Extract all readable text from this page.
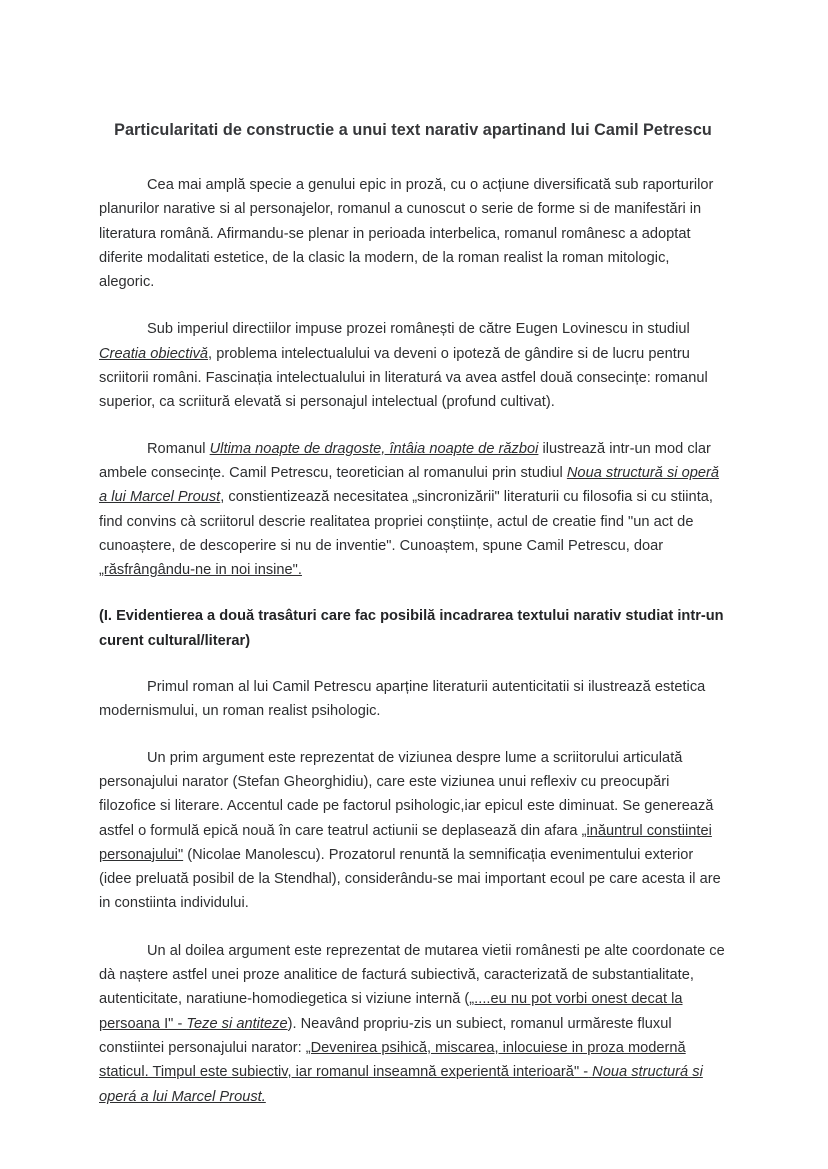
Particularitati de constructie a unui text narativ apartinand lui Camil Petrescu

Cea mai amplă specie a genului epic in proză, cu o acțiune diversificată sub raporturilor planurilor narative si al personajelor, romanul a cunoscut o serie de forme si de manifestări in literatura română. Afirmandu-se plenar in perioada interbelica, romanul românesc a adoptat diferite modalitati estetice, de la clasic la modern, de la roman realist la roman mitologic, alegoric.

Sub imperiul directiilor impuse prozei românești de către Eugen Lovinescu in studiul Creatia obiectivă, problema intelectualului va deveni o ipoteză de gândire si de lucru pentru scriitorii români. Fascinația intelectualului in literaturá va avea astfel două consecințe: romanul superior, ca scriitură elevată si personajul intelectual (profund cultivat).

Romanul Ultima noapte de dragoste, întâia noapte de război ilustrează intr-un mod clar ambele consecințe. Camil Petrescu, teoretician al romanului prin studiul Noua structură si operă a lui Marcel Proust, constientizează necesitatea „sincronizării" literaturii cu filosofia si cu stiinta, find convins cà scriitorul descrie realitatea propriei conștiințe, actul de creatie find "un act de cunoaștere, de descoperire si nu de inventie". Cunoaștem, spune Camil Petrescu, doar „răsfrângându-ne in noi insine".

(I. Evidentierea a două trasâturi care fac posibilă incadrarea textului narativ studiat intr-un curent cultural/literar)

Primul roman al lui Camil Petrescu aparține literaturii autenticitatii si ilustrează estetica modernismului, un roman realist psihologic.

Un prim argument este reprezentat de viziunea despre lume a scriitorului articulată personajului narator (Stefan Gheorghidiu), care este viziunea unui reflexiv cu preocupări filozofice si literare. Accentul cade pe factorul psihologic,iar epicul este diminuat. Se generează astfel o formulă epică nouă în care teatrul actiunii se deplasează din afara „inăuntrul constiintei personajului" (Nicolae Manolescu). Prozatorul renuntă la semnificația evenimentului exterior (idee preluată posibil de la Stendhal), considerându-se mai important ecoul pe care acesta il are in constiinta individului.

Un al doilea argument este reprezentat de mutarea vietii românesti pe alte coordonate ce dà naștere astfel unei proze analitice de facturá subiectivă, caracterizată de substantialitate, autenticitate, naratiune-homodiegetica si viziune internă („....eu nu pot vorbi onest decat la persoana I" - Teze si antiteze). Neavând propriu-zis un subiect, romanul urmăreste fluxul constiintei personajului narator: „Devenirea psihică, miscarea, inlocuiese in proza modernă staticul. Timpul este subiectiv, iar romanul inseamnă experientă interioară" - Noua structurá si operá a lui Marcel Proust.
